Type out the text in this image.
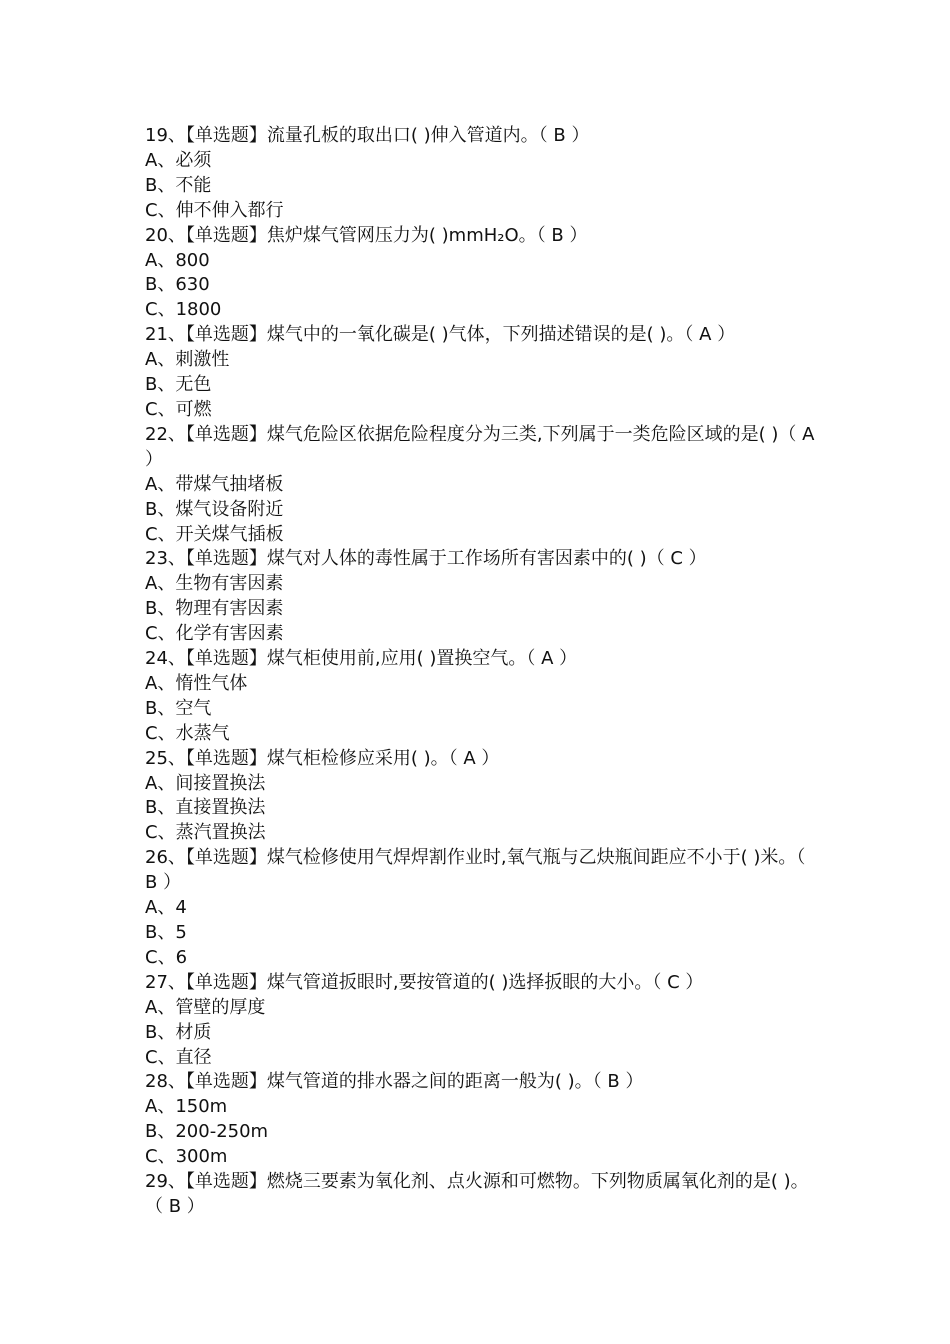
19、【单选题】流量孔板的取出口( )伸入管道内。（ B ）
A、必须
B、不能
C、伸不伸入都行
20、【单选题】焦炉煤气管网压力为( )mmH₂O。（ B ）
A、800
B、630
C、1800
21、【单选题】煤气中的一氧化碳是( )气体，下列描述错误的是( )。（ A ）
A、刺激性
B、无色
C、可燃
22、【单选题】煤气危险区依据危险程度分为三类,下列属于一类危险区域的是( )（ A ）
A、带煤气抽堵板
B、煤气设备附近
C、开关煤气插板
23、【单选题】煤气对人体的毒性属于工作场所有害因素中的( )（ C ）
A、生物有害因素
B、物理有害因素
C、化学有害因素
24、【单选题】煤气柜使用前,应用( )置换空气。（ A ）
A、惰性气体
B、空气
C、水蒸气
25、【单选题】煤气柜检修应采用( )。（ A ）
A、间接置换法
B、直接置换法
C、蒸汽置换法
26、【单选题】煤气检修使用气焊焊割作业时,氧气瓶与乙炔瓶间距应不小于( )米。（ B ）
A、4
B、5
C、6
27、【单选题】煤气管道扳眼时,要按管道的( )选择扳眼的大小。（ C ）
A、管壁的厚度
B、材质
C、直径
28、【单选题】煤气管道的排水器之间的距离一般为( )。（ B ）
A、150m
B、200-250m
C、300m
29、【单选题】燃烧三要素为氧化剂、点火源和可燃物。下列物质属氧化剂的是( )。（ B ）
